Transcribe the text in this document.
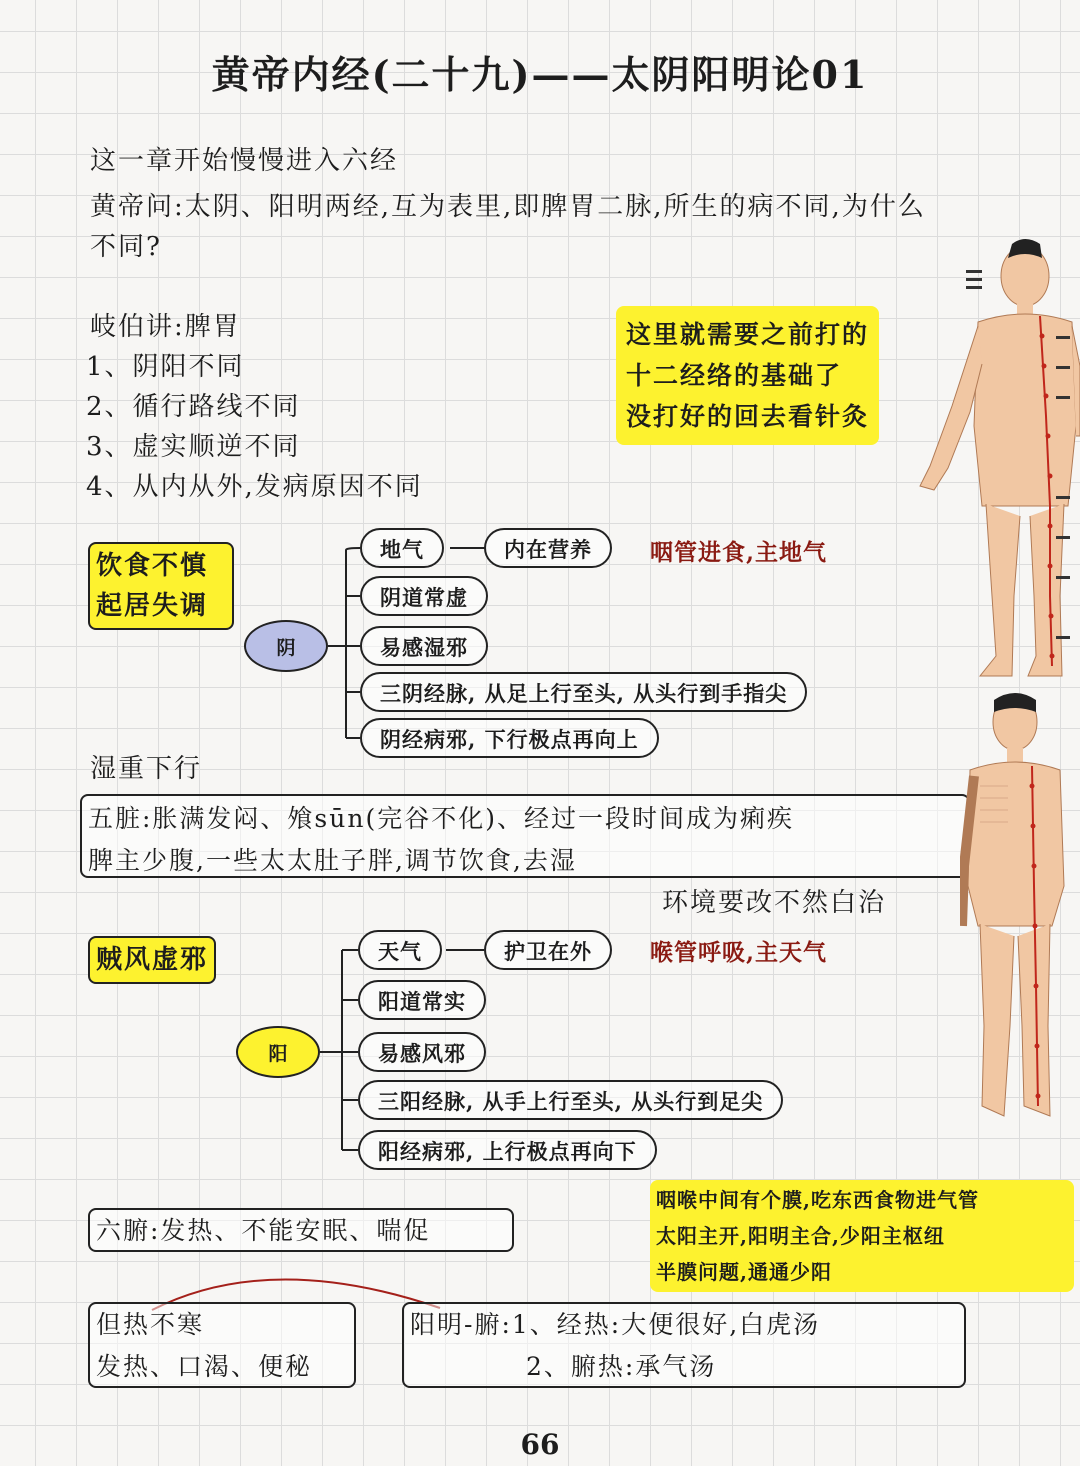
黄帝内经(二十九)——太阴阳明论01
这一章开始慢慢进入六经
黄帝问:太阴、阳明两经,互为表里,即脾胃二脉,所生的病不同,为什么
不同?
岐伯讲:脾胃
1、阴阳不同
2、循行路线不同
3、虚实顺逆不同
4、从内从外,发病原因不同
这里就需要之前打的
十二经络的基础了
没打好的回去看针灸
饮食不慎
起居失调
阴
地气	内在营养	咽管进食,主地气
阴道常虚
易感湿邪
三阴经脉, 从足上行至头, 从头行到手指尖
阴经病邪, 下行极点再向上
湿重下行
五脏:胀满发闷、飧sūn(完谷不化)、经过一段时间成为痢疾
脾主少腹,一些太太肚子胖,调节饮食,去湿
环境要改不然白治
贼风虚邪
阳
天气	护卫在外	喉管呼吸,主天气
阳道常实
易感风邪
三阳经脉, 从手上行至头, 从头行到足尖
阳经病邪, 上行极点再向下
咽喉中间有个膜,吃东西食物进气管
太阳主开,阳明主合,少阳主枢纽
半膜问题,通通少阳
六腑:发热、不能安眠、喘促
但热不寒
发热、口渴、便秘
阳明-腑:1、经热:大便很好,白虎汤
2、腑热:承气汤
66
